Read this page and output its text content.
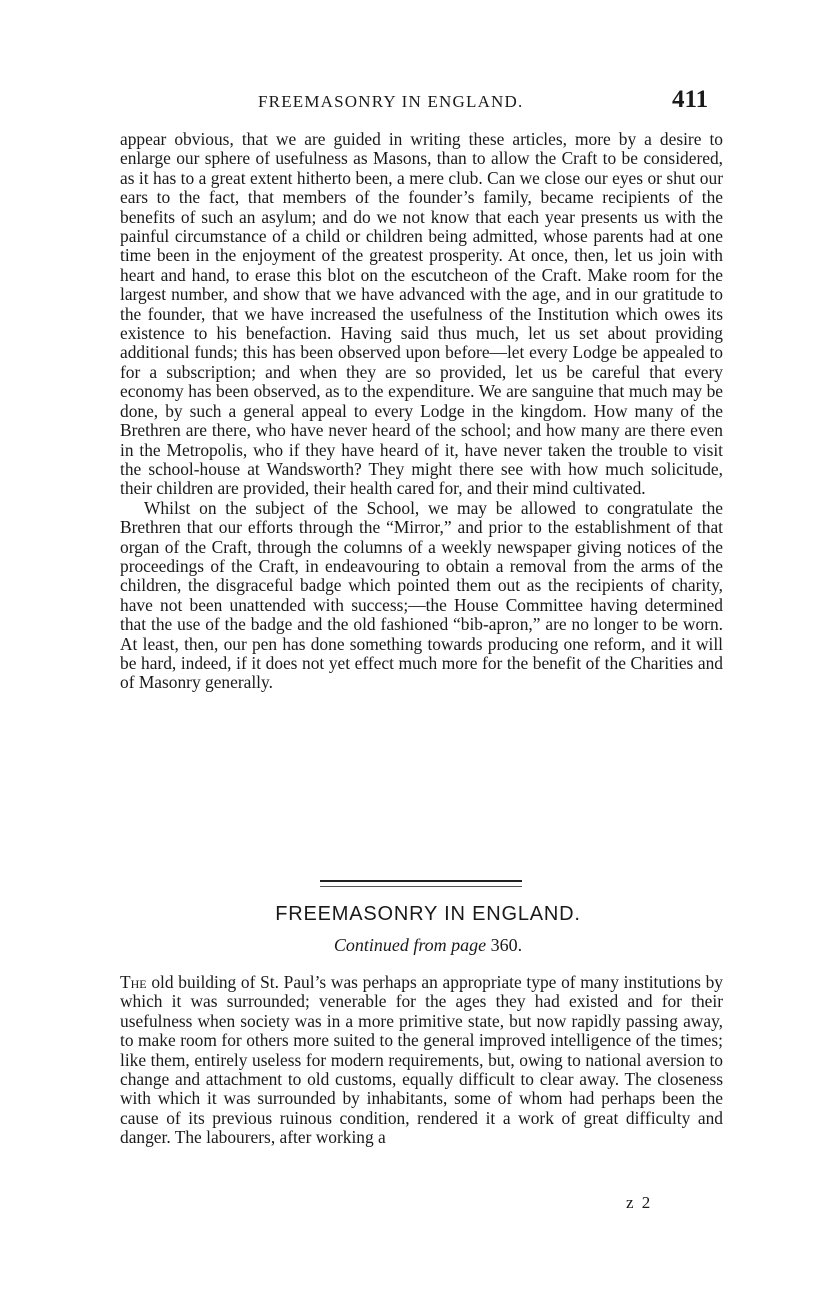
FREEMASONRY IN ENGLAND.	411

appear obvious, that we are guided in writing these articles, more by a desire to enlarge our sphere of usefulness as Masons, than to allow the Craft to be considered, as it has to a great extent hitherto been, a mere club. Can we close our eyes or shut our ears to the fact, that members of the founder’s family, became recipients of the benefits of such an asylum; and do we not know that each year presents us with the painful circumstance of a child or children being admitted, whose parents had at one time been in the enjoyment of the greatest prosperity. At once, then, let us join with heart and hand, to erase this blot on the escutcheon of the Craft. Make room for the largest number, and show that we have advanced with the age, and in our gratitude to the founder, that we have increased the usefulness of the Institution which owes its existence to his benefaction. Having said thus much, let us set about providing additional funds; this has been observed upon before—let every Lodge be appealed to for a subscription; and when they are so provided, let us be careful that every economy has been observed, as to the expenditure. We are sanguine that much may be done, by such a general appeal to every Lodge in the kingdom. How many of the Brethren are there, who have never heard of the school; and how many are there even in the Metropolis, who if they have heard of it, have never taken the trouble to visit the school-house at Wandsworth? They might there see with how much solicitude, their children are provided, their health cared for, and their mind cultivated.

Whilst on the subject of the School, we may be allowed to congratulate the Brethren that our efforts through the “Mirror,” and prior to the establishment of that organ of the Craft, through the columns of a weekly newspaper giving notices of the proceedings of the Craft, in endeavouring to obtain a removal from the arms of the children, the disgraceful badge which pointed them out as the recipients of charity, have not been unattended with success;—the House Committee having determined that the use of the badge and the old fashioned “bib-apron,” are no longer to be worn. At least, then, our pen has done something towards producing one reform, and it will be hard, indeed, if it does not yet effect much more for the benefit of the Charities and of Masonry generally.

FREEMASONRY IN ENGLAND.
Continued from page 360.

The old building of St. Paul’s was perhaps an appropriate type of many institutions by which it was surrounded; venerable for the ages they had existed and for their usefulness when society was in a more primitive state, but now rapidly passing away, to make room for others more suited to the general improved intelligence of the times; like them, entirely useless for modern requirements, but, owing to national aversion to change and attachment to old customs, equally difficult to clear away. The closeness with which it was surrounded by inhabitants, some of whom had perhaps been the cause of its previous ruinous condition, rendered it a work of great difficulty and danger. The labourers, after working a

z 2
